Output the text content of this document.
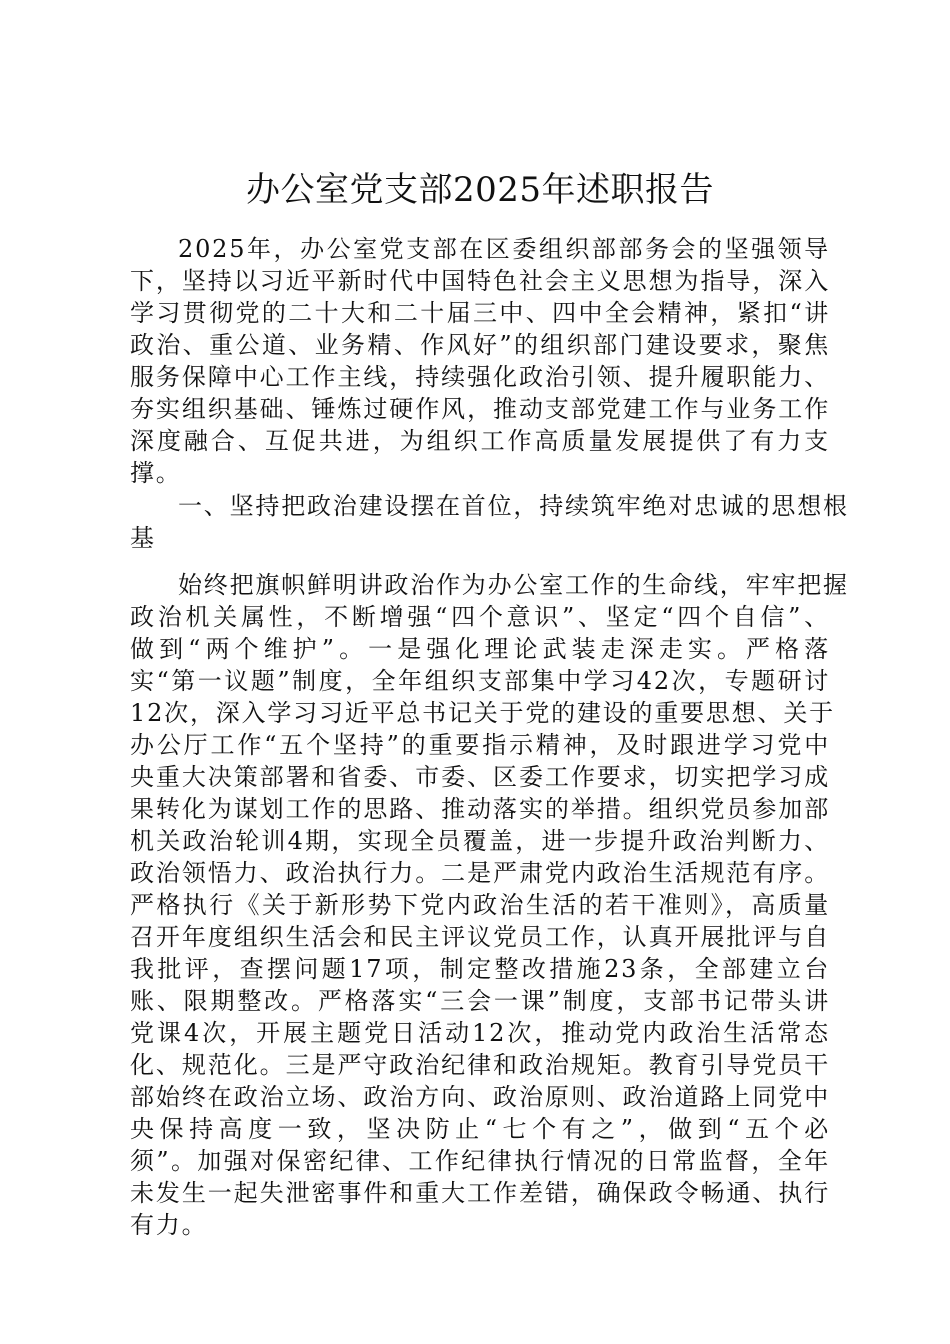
办公室党支部2025年述职报告
2025年，办公室党支部在区委组织部部务会的坚强领导
下，坚持以习近平新时代中国特色社会主义思想为指导，深入
学习贯彻党的二十大和二十届三中、四中全会精神，紧扣“讲
政治、重公道、业务精、作风好”的组织部门建设要求，聚焦
服务保障中心工作主线，持续强化政治引领、提升履职能力、
夯实组织基础、锤炼过硬作风，推动支部党建工作与业务工作
深度融合、互促共进，为组织工作高质量发展提供了有力支
撑。
一、坚持把政治建设摆在首位，持续筑牢绝对忠诚的思想根
基
始终把旗帜鲜明讲政治作为办公室工作的生命线，牢牢把握
政治机关属性，不断增强“四个意识”、坚定“四个自信”、
做到“两个维护”。一是强化理论武装走深走实。严格落
实“第一议题”制度，全年组织支部集中学习42次，专题研讨
12次，深入学习习近平总书记关于党的建设的重要思想、关于
办公厅工作“五个坚持”的重要指示精神，及时跟进学习党中
央重大决策部署和省委、市委、区委工作要求，切实把学习成
果转化为谋划工作的思路、推动落实的举措。组织党员参加部
机关政治轮训4期，实现全员覆盖，进一步提升政治判断力、
政治领悟力、政治执行力。二是严肃党内政治生活规范有序。
严格执行《关于新形势下党内政治生活的若干准则》，高质量
召开年度组织生活会和民主评议党员工作，认真开展批评与自
我批评，查摆问题17项，制定整改措施23条，全部建立台
账、限期整改。严格落实“三会一课”制度，支部书记带头讲
党课4次，开展主题党日活动12次，推动党内政治生活常态
化、规范化。三是严守政治纪律和政治规矩。教育引导党员干
部始终在政治立场、政治方向、政治原则、政治道路上同党中
央保持高度一致，坚决防止“七个有之”，做到“五个必
须”。加强对保密纪律、工作纪律执行情况的日常监督，全年
未发生一起失泄密事件和重大工作差错，确保政令畅通、执行
有力。
